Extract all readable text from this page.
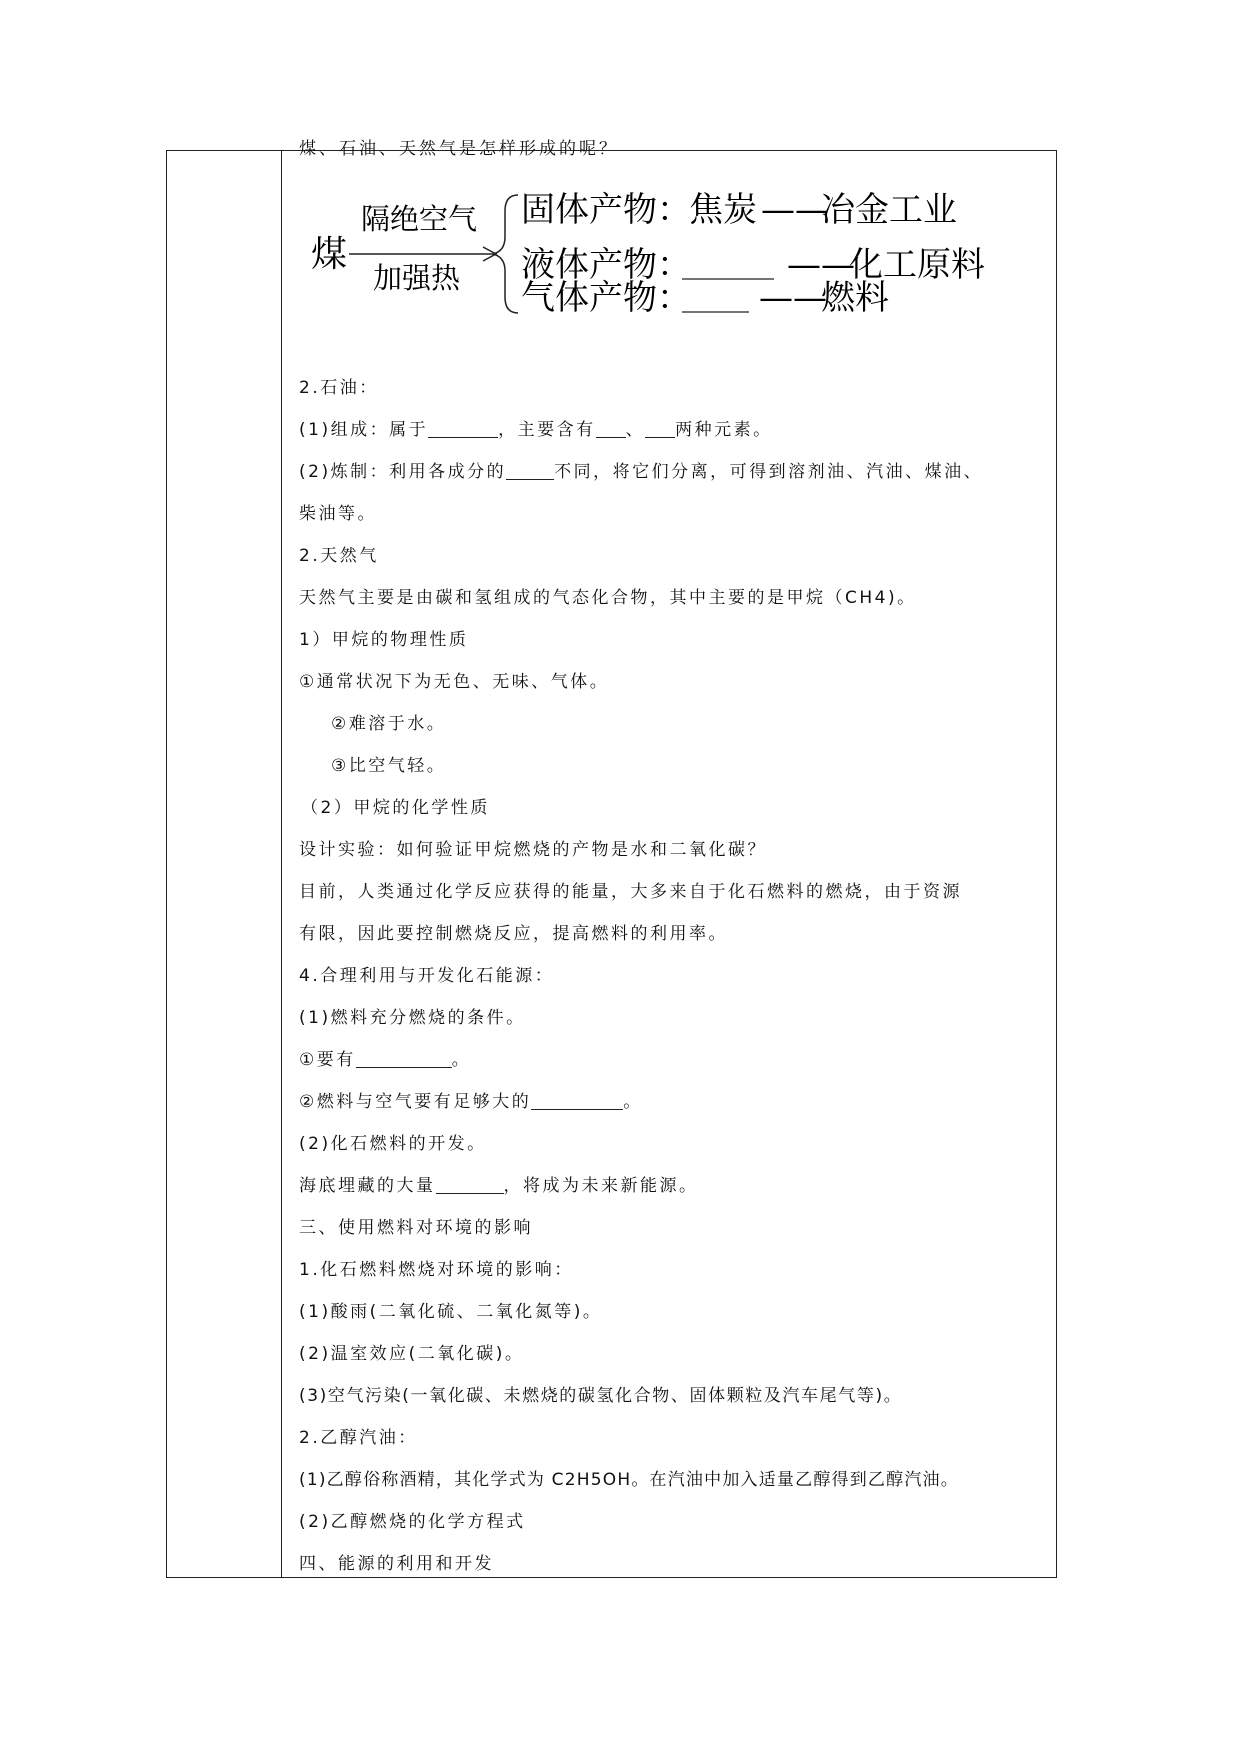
煤、石油、天然气是怎样形成的呢？
煤
隔绝空气
加强热
固体产物：
焦炭 ——
冶金工业
液体产物：	——
化工原料
气体产物： ——
燃料
2.石油：
(1)组成：属于	，主要含有 、 两种元素。
(2)炼制：利用各成分的	不同，将它们分离，可得到溶剂油、汽油、煤油、
柴油等。
2.天然气
天然气主要是由碳和氢组成的气态化合物，其中主要的是甲烷（CH4)。
1）甲烷的物理性质
①通常状况下为无色、无味、气体。
②难溶于水。
③比空气轻。
（2）甲烷的化学性质
设计实验：如何验证甲烷燃烧的产物是水和二氧化碳？
目前，人类通过化学反应获得的能量，大多来自于化石燃料的燃烧，由于资源
有限，因此要控制燃烧反应，提高燃料的利用率。
4.合理利用与开发化石能源：
(1)燃料充分燃烧的条件。
①要有	。
②燃料与空气要有足够大的	。
(2)化石燃料的开发。
海底埋藏的大量	，将成为未来新能源。
三、使用燃料对环境的影响
1.化石燃料燃烧对环境的影响：
(1)酸雨(二氧化硫、二氧化氮等)。
(2)温室效应(二氧化碳)。
(3)空气污染(一氧化碳、未燃烧的碳氢化合物、固体颗粒及汽车尾气等)。
2.乙醇汽油：
(1)乙醇俗称酒精，其化学式为 C2H5OH。在汽油中加入适量乙醇得到乙醇汽油。
(2)乙醇燃烧的化学方程式
四、能源的利用和开发
